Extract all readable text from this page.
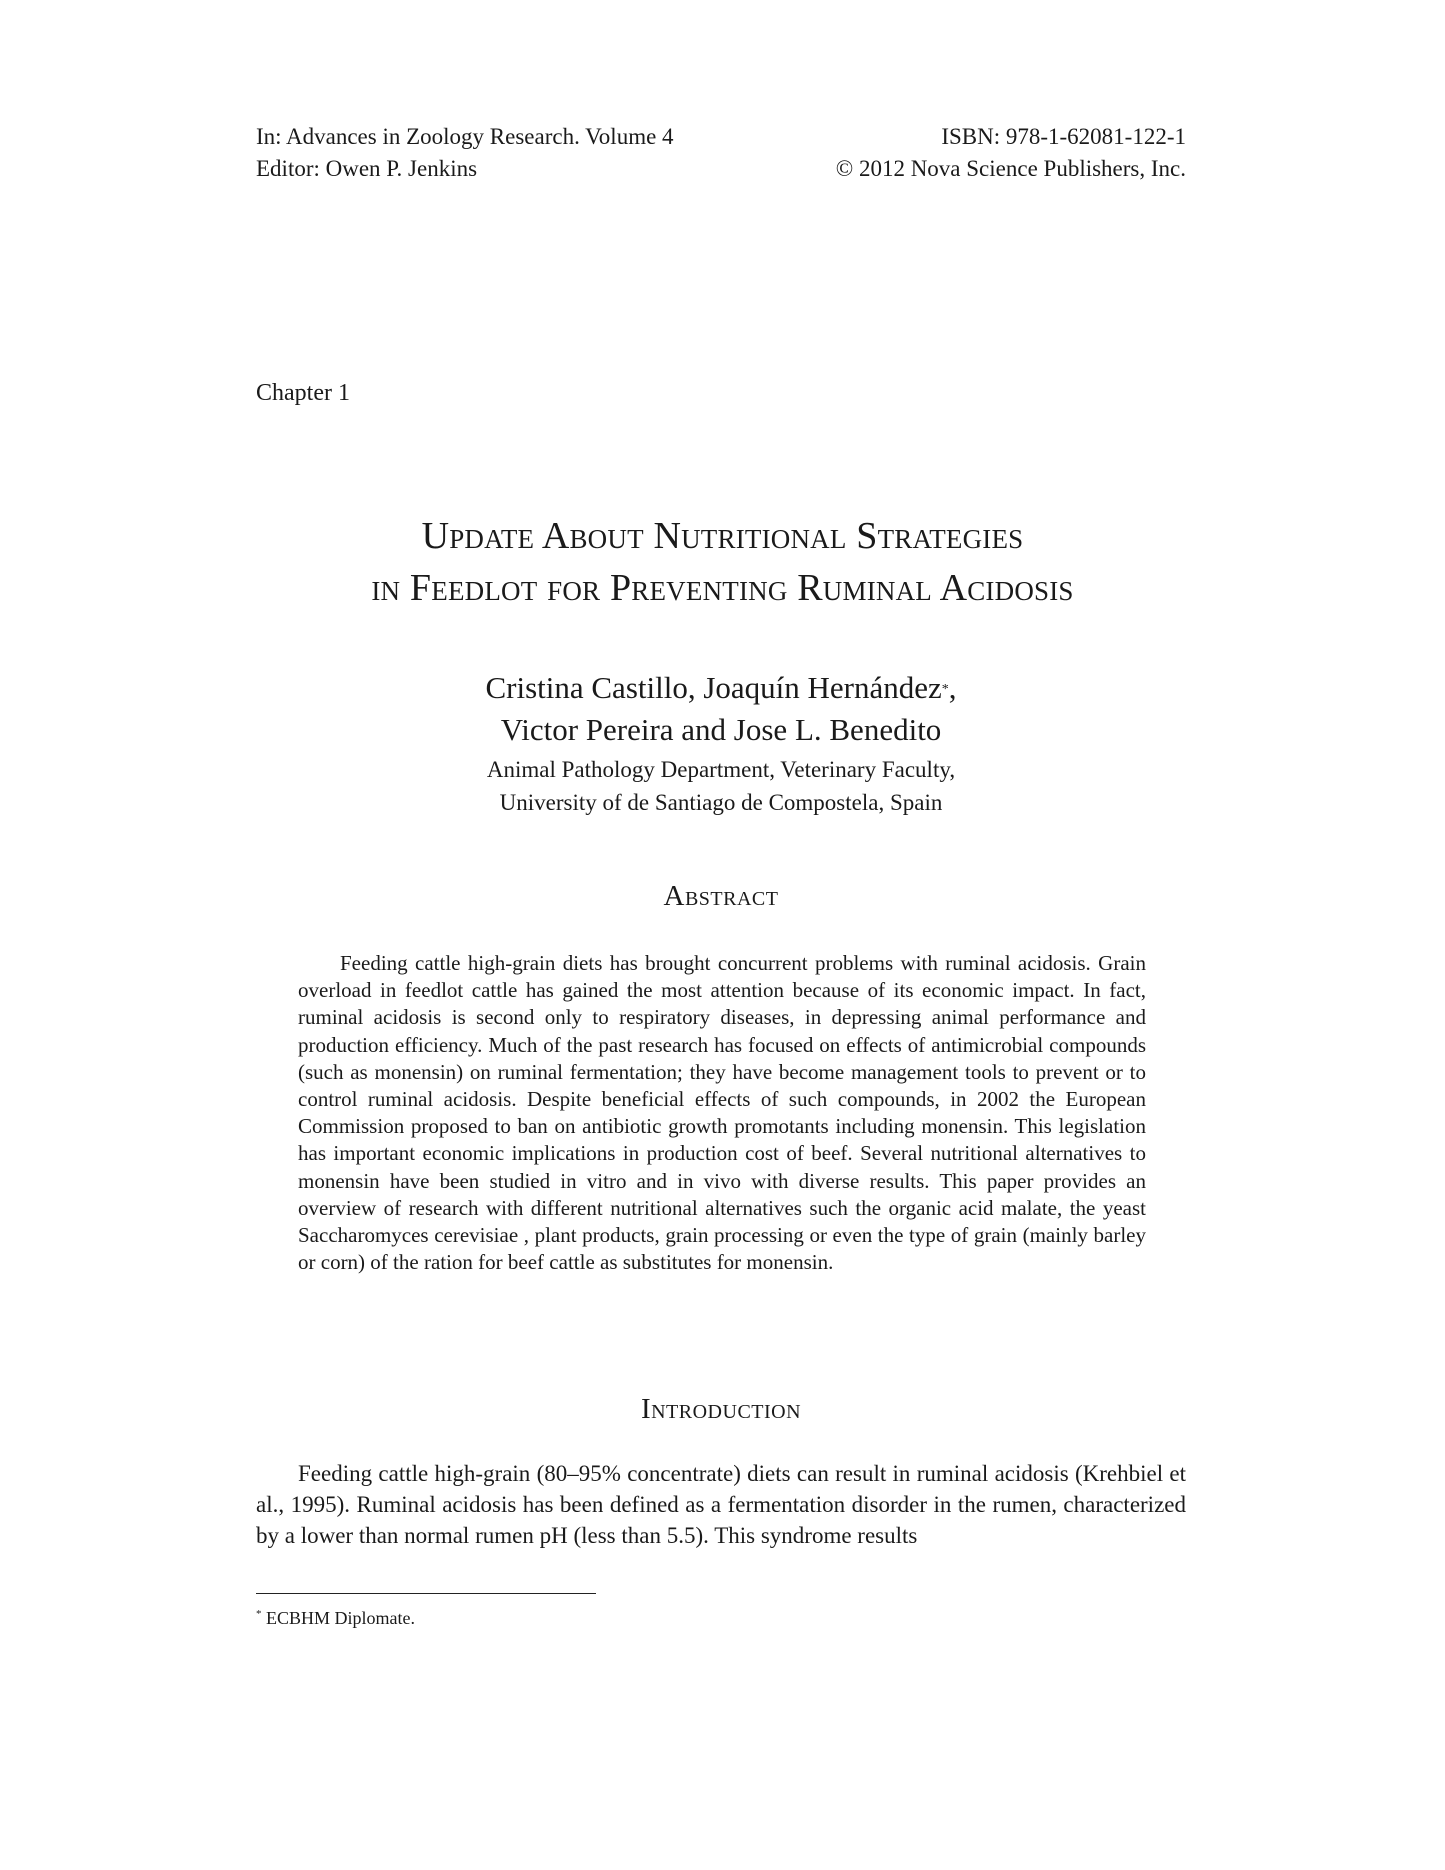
In: Advances in Zoology Research. Volume 4	ISBN: 978-1-62081-122-1
Editor: Owen P. Jenkins	© 2012 Nova Science Publishers, Inc.
Chapter 1
Update About Nutritional Strategies
in Feedlot for Preventing Ruminal Acidosis
Cristina Castillo, Joaquín Hernández*,
Victor Pereira and Jose L. Benedito
Animal Pathology Department, Veterinary Faculty,
University of de Santiago de Compostela, Spain
Abstract

Feeding cattle high-grain diets has brought concurrent problems with ruminal acidosis. Grain overload in feedlot cattle has gained the most attention because of its economic impact. In fact, ruminal acidosis is second only to respiratory diseases, in depressing animal performance and production efficiency. Much of the past research has focused on effects of antimicrobial compounds (such as monensin) on ruminal fermentation; they have become management tools to prevent or to control ruminal acidosis. Despite beneficial effects of such compounds, in 2002 the European Commission proposed to ban on antibiotic growth promotants including monensin. This legislation has important economic implications in production cost of beef. Several nutritional alternatives to monensin have been studied in vitro and in vivo with diverse results. This paper provides an overview of research with different nutritional alternatives such the organic acid malate, the yeast Saccharomyces cerevisiae , plant products, grain processing or even the type of grain (mainly barley or corn) of the ration for beef cattle as substitutes for monensin.

Introduction

Feeding cattle high-grain (80–95% concentrate) diets can result in ruminal acidosis (Krehbiel et al., 1995). Ruminal acidosis has been defined as a fermentation disorder in the rumen, characterized by a lower than normal rumen pH (less than 5.5). This syndrome results

* ECBHM Diplomate.
